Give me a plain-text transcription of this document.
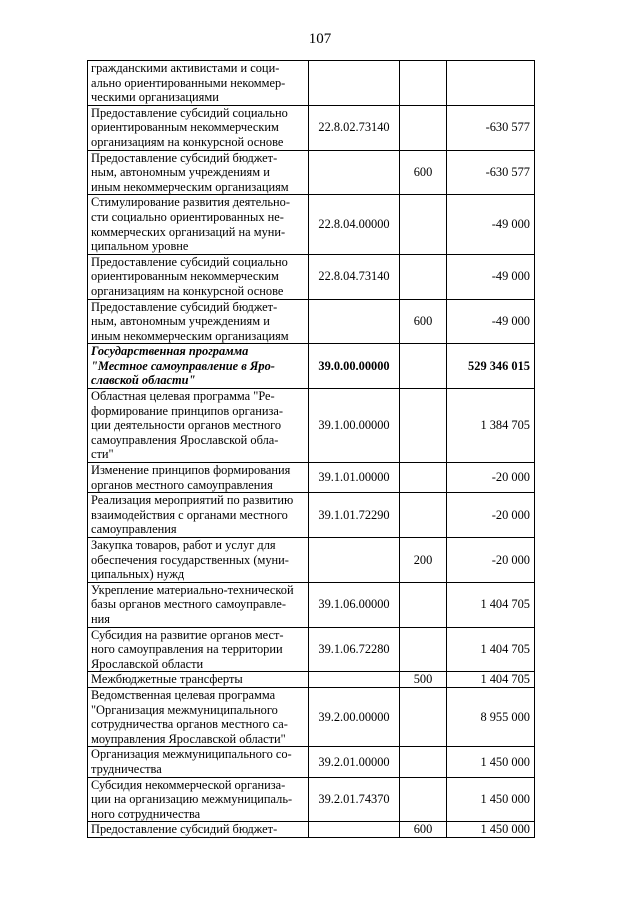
107
гражданскими активистами и соци-
ально ориентированными некоммер-
ческими организациями			

Предоставление субсидий социально
ориентированным некоммерческим
организациям на конкурсной основе	22.8.02.73140		-630 577

Предоставление субсидий бюджет-
ным, автономным учреждениям и
иным некоммерческим организациям		600	-630 577

Стимулирование развития деятельно-
сти социально ориентированных не-
коммерческих организаций на муни-
ципальном уровне	22.8.04.00000		-49 000

Предоставление субсидий социально
ориентированным некоммерческим
организациям на конкурсной основе	22.8.04.73140		-49 000

Предоставление субсидий бюджет-
ным, автономным учреждениям и
иным некоммерческим организациям		600	-49 000

Государственная программа
"Местное самоуправление в Яро-
славской области"	39.0.00.00000		529 346 015

Областная целевая программа "Ре-
формирование принципов организа-
ции деятельности органов местного
самоуправления Ярославской обла-
сти"	39.1.00.00000		1 384 705

Изменение принципов формирования
органов местного самоуправления	39.1.01.00000		-20 000

Реализация мероприятий по развитию
взаимодействия с органами местного
самоуправления	39.1.01.72290		-20 000

Закупка товаров, работ и услуг для
обеспечения государственных (муни-
ципальных) нужд		200	-20 000

Укрепление материально-технической
базы органов местного самоуправле-
ния	39.1.06.00000		1 404 705

Субсидия на развитие органов мест-
ного самоуправления на территории
Ярославской области	39.1.06.72280		1 404 705

Межбюджетные трансферты		500	1 404 705

Ведомственная целевая программа
"Организация межмуниципального
сотрудничества органов местного са-
моуправления Ярославской области"	39.2.00.00000		8 955 000

Организация межмуниципального со-
трудничества	39.2.01.00000		1 450 000

Субсидия некоммерческой организа-
ции на организацию межмуниципаль-
ного сотрудничества	39.2.01.74370		1 450 000

Предоставление субсидий бюджет-		600	1 450 000
